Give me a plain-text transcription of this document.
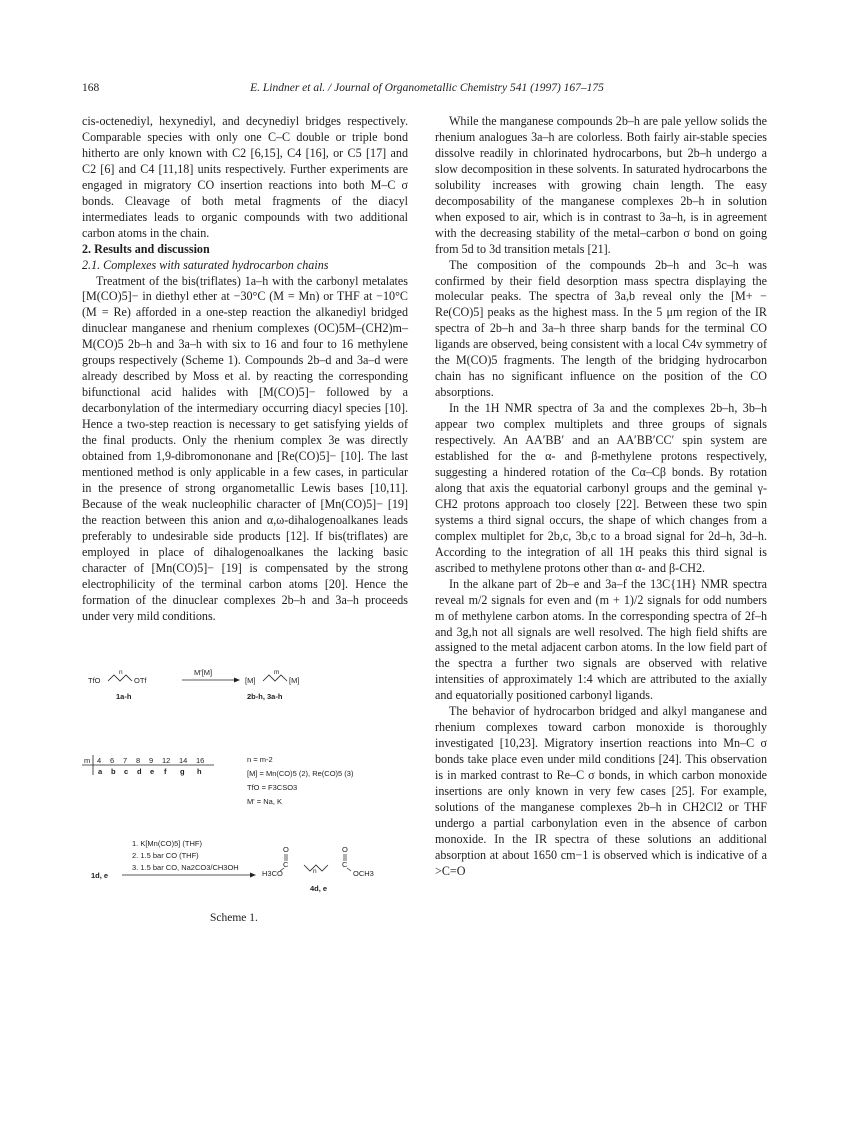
168	E. Lindner et al. / Journal of Organometallic Chemistry 541 (1997) 167–175

cis-octenediyl, hexynediyl, and decynediyl bridges respectively. Comparable species with only one C–C double or triple bond hitherto are only known with C2 [6,15], C4 [16], or C5 [17] and C2 [6] and C4 [11,18] units respectively. Further experiments are engaged in migratory CO insertion reactions into both M–C σ bonds. Cleavage of both metal fragments of the diacyl intermediates leads to organic compounds with two additional carbon atoms in the chain.

2. Results and discussion

2.1. Complexes with saturated hydrocarbon chains

Treatment of the bis(triflates) 1a–h with the carbonyl metalates [M(CO)5]− in diethyl ether at −30°C (M = Mn) or THF at −10°C (M = Re) afforded in a one-step reaction the alkanediyl bridged dinuclear manganese and rhenium complexes (OC)5M–(CH2)m–M(CO)5 2b–h and 3a–h with six to 16 and four to 16 methylene groups respectively (Scheme 1). Compounds 2b–d and 3a–d were already described by Moss et al. by reacting the corresponding bifunctional acid halides with [M(CO)5]− followed by a decarbonylation of the intermediary occurring diacyl species [10]. Hence a two-step reaction is necessary to get satisfying yields of the final products. Only the rhenium complex 3e was directly obtained from 1,9-dibromononane and [Re(CO)5]− [10]. The last mentioned method is only applicable in a few cases, in particular in the presence of strong organometallic Lewis bases [10,11]. Because of the weak nucleophilic character of [Mn(CO)5]− [19] the reaction between this anion and α,ω-dihalogenoalkanes leads preferably to undesirable side products [12]. If bis(triflates) are employed in place of dihalogenoalkanes the lacking basic character of [Mn(CO)5]− [19] is compensated by the strong electrophilicity of the terminal carbon atoms [20]. Hence the formation of the dinuclear complexes 2b–h and 3a–h proceeds under very mild conditions.

TfO
n
OTf
M'[M]
1a-h
[M]
m
[M]
2b-h, 3a-h
m 4 6 7 8 9 12 14 16
a b c d e f g h
n = m-2
[M] = Mn(CO)5 (2), Re(CO)5 (3)
TfO = F3CSO3
M' = Na, K
1. K[Mn(CO)5] (THF)
2. 1.5 bar CO (THF)
3. 1.5 bar CO, Na2CO3/CH3OH
1d, e	H3CO
C
O
n
C
O
OCH3
4d, e
Scheme 1.

While the manganese compounds 2b–h are pale yellow solids the rhenium analogues 3a–h are colorless. Both fairly air-stable species dissolve readily in chlorinated hydrocarbons, but 2b–h undergo a slow decomposition in these solvents. In saturated hydrocarbons the solubility increases with growing chain length. The easy decomposability of the manganese complexes 2b–h in solution when exposed to air, which is in contrast to 3a–h, is in agreement with the decreasing stability of the metal–carbon σ bond on going from 5d to 3d transition metals [21].

The composition of the compounds 2b–h and 3c–h was confirmed by their field desorption mass spectra displaying the molecular peaks. The spectra of 3a,b reveal only the [M+ − Re(CO)5] peaks as the highest mass. In the 5 μm region of the IR spectra of 2b–h and 3a–h three sharp bands for the terminal CO ligands are observed, being consistent with a local C4v symmetry of the M(CO)5 fragments. The length of the bridging hydrocarbon chain has no significant influence on the position of the CO absorptions.

In the 1H NMR spectra of 3a and the complexes 2b–h, 3b–h appear two complex multiplets and three groups of signals respectively. An AA′BB′ and an AA′BB′CC′ spin system are established for the α- and β-methylene protons respectively, suggesting a hindered rotation of the Cα–Cβ bonds. By rotation along that axis the equatorial carbonyl groups and the geminal γ-CH2 protons approach too closely [22]. Between these two spin systems a third signal occurs, the shape of which changes from a complex multiplet for 2b,c, 3b,c to a broad signal for 2d–h, 3d–h. According to the integration of all 1H peaks this third signal is ascribed to methylene protons other than α- and β-CH2.

In the alkane part of 2b–e and 3a–f the 13C{1H} NMR spectra reveal m/2 signals for even and (m + 1)/2 signals for odd numbers m of methylene carbon atoms. In the corresponding spectra of 2f–h and 3g,h not all signals are well resolved. The high field shifts are assigned to the metal adjacent carbon atoms. In the low field part of the spectra a further two signals are observed with relative intensities of approximately 1:4 which are attributed to the axially and equatorially positioned carbonyl ligands.

The behavior of hydrocarbon bridged and alkyl manganese and rhenium complexes toward carbon monoxide is thoroughly investigated [10,23]. Migratory insertion reactions into Mn–C σ bonds take place even under mild conditions [24]. This observation is in marked contrast to Re–C σ bonds, in which carbon monoxide insertions are only known in very few cases [25]. For example, solutions of the manganese complexes 2b–h in CH2Cl2 or THF undergo a partial carbonylation even in the absence of carbon monoxide. In the IR spectra of these solutions an additional absorption at about 1650 cm−1 is observed which is indicative of a >C=O
